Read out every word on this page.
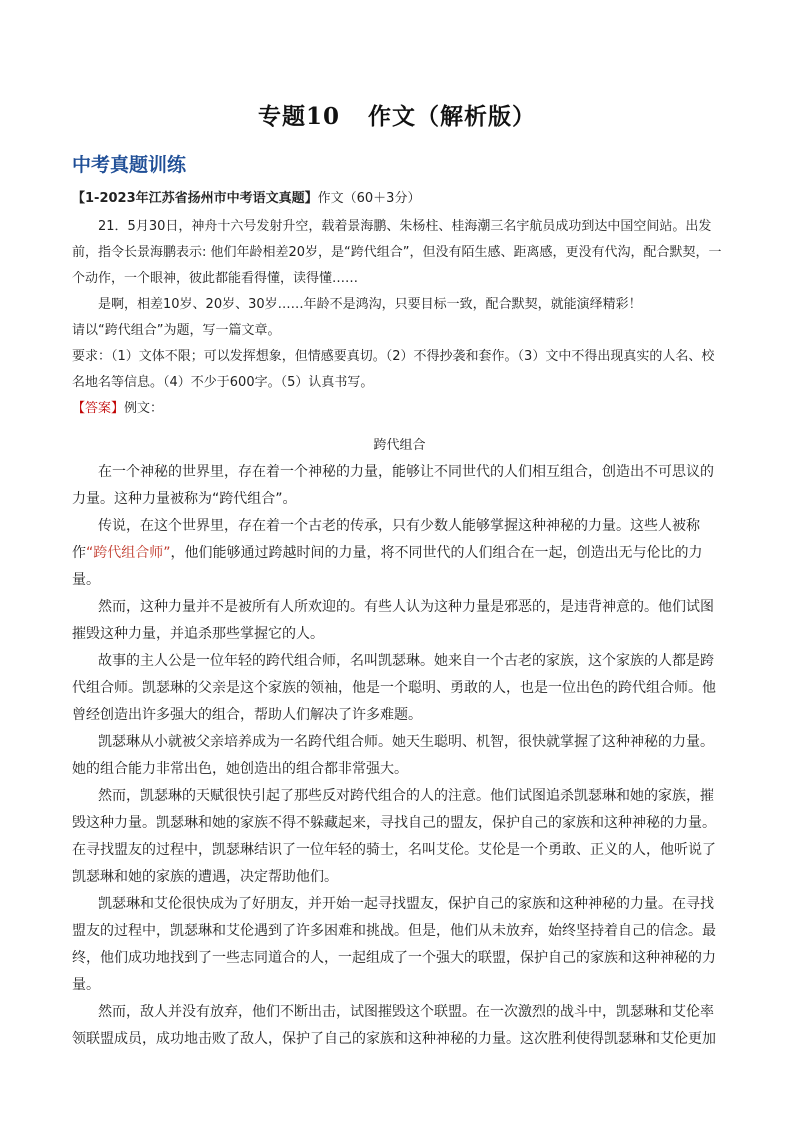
专题10 作文（解析版）
中考真题训练
【1-2023年江苏省扬州市中考语文真题】作文（60＋3分）

21．5月30日，神舟十六号发射升空，载着景海鹏、朱杨柱、桂海潮三名宇航员成功到达中国空间站。出发前，指令长景海鹏表示: 他们年龄相差20岁，是“跨代组合”，但没有陌生感、距离感，更没有代沟，配合默契，一个动作，一个眼神，彼此都能看得懂，读得懂……

是啊，相差10岁、20岁、30岁……年龄不是鸿沟，只要目标一致，配合默契，就能演绎精彩！

请以“跨代组合”为题，写一篇文章。

要求：（1）文体不限；可以发挥想象，但情感要真切。（2）不得抄袭和套作。（3）文中不得出现真实的人名、校名地名等信息。（4）不少于600字。（5）认真书写。

【答案】例文：

跨代组合

在一个神秘的世界里，存在着一个神秘的力量，能够让不同世代的人们相互组合，创造出不可思议的力量。这种力量被称为“跨代组合”。

传说，在这个世界里，存在着一个古老的传承，只有少数人能够掌握这种神秘的力量。这些人被称作“跨代组合师”，他们能够通过跨越时间的力量，将不同世代的人们组合在一起，创造出无与伦比的力量。

然而，这种力量并不是被所有人所欢迎的。有些人认为这种力量是邪恶的，是违背神意的。他们试图摧毁这种力量，并追杀那些掌握它的人。

故事的主人公是一位年轻的跨代组合师，名叫凯瑟琳。她来自一个古老的家族，这个家族的人都是跨代组合师。凯瑟琳的父亲是这个家族的领袖，他是一个聪明、勇敢的人，也是一位出色的跨代组合师。他曾经创造出许多强大的组合，帮助人们解决了许多难题。

凯瑟琳从小就被父亲培养成为一名跨代组合师。她天生聪明、机智，很快就掌握了这种神秘的力量。她的组合能力非常出色，她创造出的组合都非常强大。

然而，凯瑟琳的天赋很快引起了那些反对跨代组合的人的注意。他们试图追杀凯瑟琳和她的家族，摧毁这种力量。凯瑟琳和她的家族不得不躲藏起来，寻找自己的盟友，保护自己的家族和这种神秘的力量。在寻找盟友的过程中，凯瑟琳结识了一位年轻的骑士，名叫艾伦。艾伦是一个勇敢、正义的人，他听说了凯瑟琳和她的家族的遭遇，决定帮助他们。

凯瑟琳和艾伦很快成为了好朋友，并开始一起寻找盟友，保护自己的家族和这种神秘的力量。在寻找盟友的过程中，凯瑟琳和艾伦遇到了许多困难和挑战。但是，他们从未放弃，始终坚持着自己的信念。最终，他们成功地找到了一些志同道合的人，一起组成了一个强大的联盟，保护自己的家族和这种神秘的力量。

然而，敌人并没有放弃，他们不断出击，试图摧毁这个联盟。在一次激烈的战斗中，凯瑟琳和艾伦率领联盟成员，成功地击败了敌人，保护了自己的家族和这种神秘的力量。这次胜利使得凯瑟琳和艾伦更加
